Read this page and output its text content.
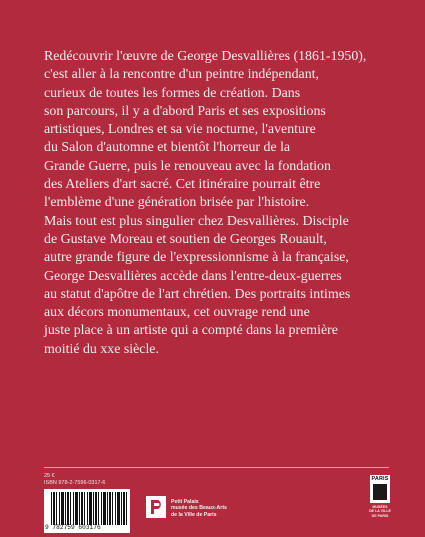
Redécouvrir l'œuvre de George Desvallières (1861-1950),
c'est aller à la rencontre d'un peintre indépendant,
curieux de toutes les formes de création. Dans
son parcours, il y a d'abord Paris et ses expositions
artistiques, Londres et sa vie nocturne, l'aventure
du Salon d'automne et bientôt l'horreur de la
Grande Guerre, puis le renouveau avec la fondation
des Ateliers d'art sacré. Cet itinéraire pourrait être
l'emblème d'une génération brisée par l'histoire.
Mais tout est plus singulier chez Desvallières. Disciple
de Gustave Moreau et soutien de Georges Rouault,
autre grande figure de l'expressionnisme à la française,
George Desvallières accède dans l'entre-deux-guerres
au statut d'apôtre de l'art chrétien. Des portraits intimes
aux décors monumentaux, cet ouvrage rend une
juste place à un artiste qui a compté dans la première
moitié du xxe siècle.

25 €
ISBN 978-2-7596-0317-6
9 782759 603176
Petit Palais
musée des Beaux-Arts
de la Ville de Paris
PARIS
MUSÉES
DE LA VILLE
DE PARIS
